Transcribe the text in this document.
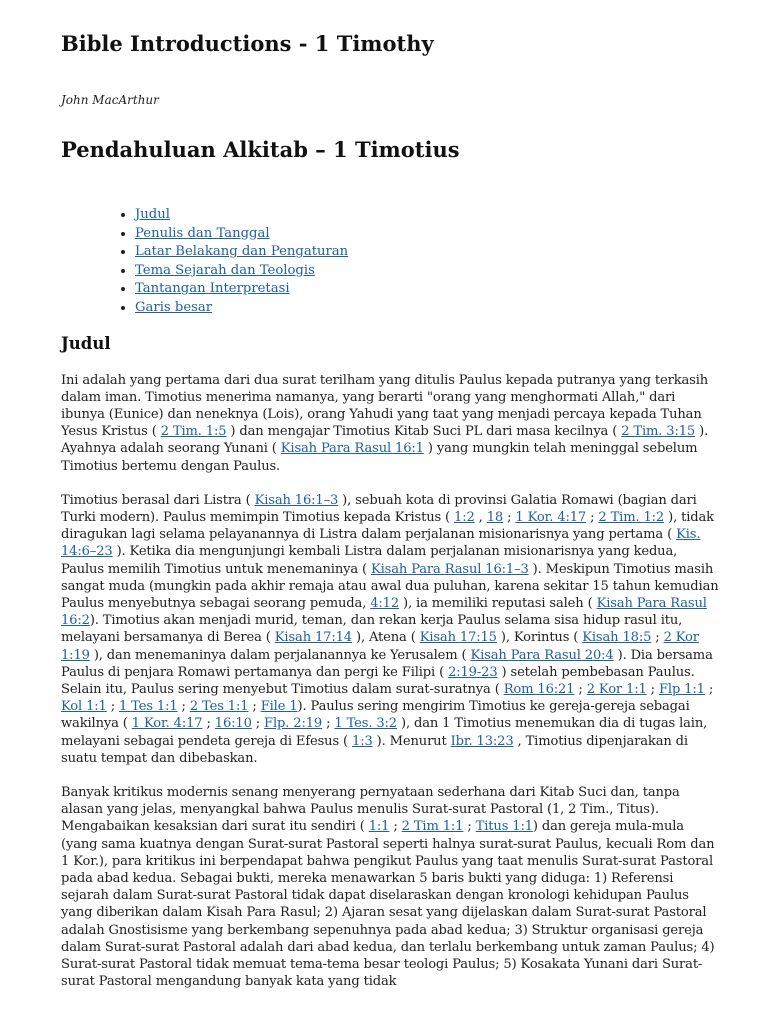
Bible Introductions - 1 Timothy
John MacArthur
Pendahuluan Alkitab – 1 Timotius
• Judul
• Penulis dan Tanggal
• Latar Belakang dan Pengaturan
• Tema Sejarah dan Teologis
• Tantangan Interpretasi
• Garis besar
Judul

Ini adalah yang pertama dari dua surat terilham yang ditulis Paulus kepada putranya yang terkasih dalam iman. Timotius menerima namanya, yang berarti "orang yang menghormati Allah," dari ibunya (Eunice) dan neneknya (Lois), orang Yahudi yang taat yang menjadi percaya kepada Tuhan Yesus Kristus ( 2 Tim. 1:5 ) dan mengajar Timotius Kitab Suci PL dari masa kecilnya ( 2 Tim. 3:15 ). Ayahnya adalah seorang Yunani ( Kisah Para Rasul 16:1 ) yang mungkin telah meninggal sebelum Timotius bertemu dengan Paulus.

Timotius berasal dari Listra ( Kisah 16:1–3 ), sebuah kota di provinsi Galatia Romawi (bagian dari Turki modern). Paulus memimpin Timotius kepada Kristus ( 1:2 , 18 ; 1 Kor. 4:17 ; 2 Tim. 1:2 ), tidak diragukan lagi selama pelayanannya di Listra dalam perjalanan misionarisnya yang pertama ( Kis. 14:6–23 ). Ketika dia mengunjungi kembali Listra dalam perjalanan misionarisnya yang kedua, Paulus memilih Timotius untuk menemaninya ( Kisah Para Rasul 16:1–3 ). Meskipun Timotius masih sangat muda (mungkin pada akhir remaja atau awal dua puluhan, karena sekitar 15 tahun kemudian Paulus menyebutnya sebagai seorang pemuda, 4:12 ), ia memiliki reputasi saleh ( Kisah Para Rasul 16:2). Timotius akan menjadi murid, teman, dan rekan kerja Paulus selama sisa hidup rasul itu, melayani bersamanya di Berea ( Kisah 17:14 ), Atena ( Kisah 17:15 ), Korintus ( Kisah 18:5 ; 2 Kor 1:19 ), dan menemaninya dalam perjalanannya ke Yerusalem ( Kisah Para Rasul 20:4 ). Dia bersama Paulus di penjara Romawi pertamanya dan pergi ke Filipi ( 2:19-23 ) setelah pembebasan Paulus. Selain itu, Paulus sering menyebut Timotius dalam surat-suratnya ( Rom 16:21 ; 2 Kor 1:1 ; Flp 1:1 ; Kol 1:1 ; 1 Tes 1:1 ; 2 Tes 1:1 ; File 1). Paulus sering mengirim Timotius ke gereja-gereja sebagai wakilnya ( 1 Kor. 4:17 ; 16:10 ; Flp. 2:19 ; 1 Tes. 3:2 ), dan 1 Timotius menemukan dia di tugas lain, melayani sebagai pendeta gereja di Efesus ( 1:3 ). Menurut Ibr. 13:23 , Timotius dipenjarakan di suatu tempat dan dibebaskan.

Banyak kritikus modernis senang menyerang pernyataan sederhana dari Kitab Suci dan, tanpa alasan yang jelas, menyangkal bahwa Paulus menulis Surat-surat Pastoral (1, 2 Tim., Titus). Mengabaikan kesaksian dari surat itu sendiri ( 1:1 ; 2 Tim 1:1 ; Titus 1:1) dan gereja mula-mula (yang sama kuatnya dengan Surat-surat Pastoral seperti halnya surat-surat Paulus, kecuali Rom dan 1 Kor.), para kritikus ini berpendapat bahwa pengikut Paulus yang taat menulis Surat-surat Pastoral pada abad kedua. Sebagai bukti, mereka menawarkan 5 baris bukti yang diduga: 1) Referensi sejarah dalam Surat-surat Pastoral tidak dapat diselaraskan dengan kronologi kehidupan Paulus yang diberikan dalam Kisah Para Rasul; 2) Ajaran sesat yang dijelaskan dalam Surat-surat Pastoral adalah Gnostisisme yang berkembang sepenuhnya pada abad kedua; 3) Struktur organisasi gereja dalam Surat-surat Pastoral adalah dari abad kedua, dan terlalu berkembang untuk zaman Paulus; 4) Surat-surat Pastoral tidak memuat tema-tema besar teologi Paulus; 5) Kosakata Yunani dari Surat-surat Pastoral mengandung banyak kata yang tidak
